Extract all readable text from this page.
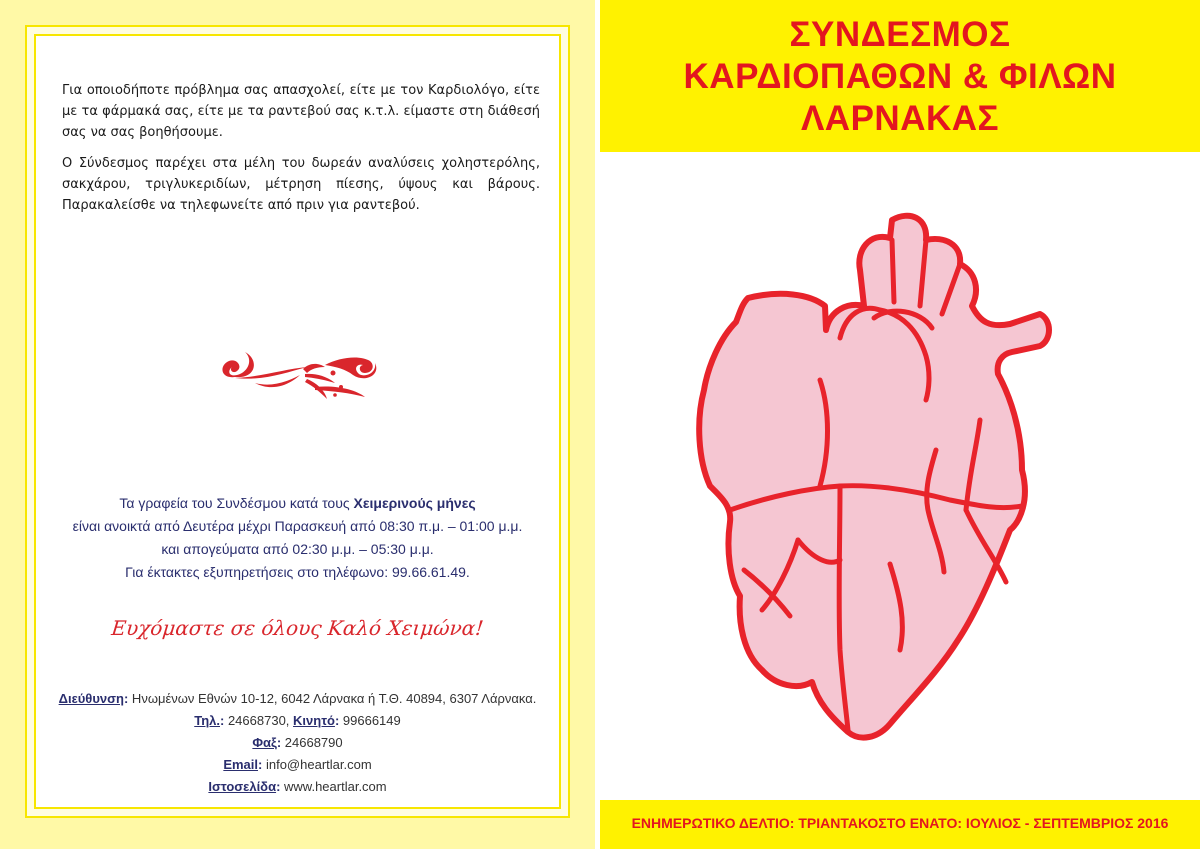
Για οποιοδήποτε πρόβλημα σας απασχολεί, είτε με τον Καρδιολόγο, είτε με τα φάρμακά σας, είτε με τα ραντεβού σας κ.τ.λ. είμαστε στη διάθεσή σας να σας βοηθήσουμε.

Ο Σύνδεσμος παρέχει στα μέλη του δωρεάν αναλύσεις χοληστερόλης, σακχάρου, τριγλυκεριδίων, μέτρηση πίεσης, ύψους και βάρους. Παρακαλείσθε να τηλεφωνείτε από πριν για ραντεβού.

Τα γραφεία του Συνδέσμου κατά τους Χειμερινούς μήνες
είναι ανοικτά από Δευτέρα μέχρι Παρασκευή από 08:30 π.μ. – 01:00 μ.μ.
και απογεύματα από 02:30 μ.μ. – 05:30 μ.μ.
Για έκτακτες εξυπηρετήσεις στο τηλέφωνο: 99.66.61.49.
Ευχόμαστε σε όλους Καλό Χειμώνα!
Διεύθυνση: Ηνωμένων Εθνών 10-12, 6042 Λάρνακα ή Τ.Θ. 40894, 6307 Λάρνακα.
Τηλ.: 24668730, Κινητό: 99666149
Φαξ: 24668790
Email: info@heartlar.com
Ιστοσελίδα: www.heartlar.com
ΣΥΝΔΕΣΜΟΣ
ΚΑΡΔΙΟΠΑΘΩΝ & ΦΙΛΩΝ
ΛΑΡΝΑΚΑΣ
ΕΝΗΜΕΡΩΤΙΚΟ ΔΕΛΤΙΟ: ΤΡΙΑΝΤΑΚΟΣΤΟ ΕΝΑΤΟ: ΙΟΥΛΙΟΣ - ΣΕΠΤΕΜΒΡΙΟΣ 2016
